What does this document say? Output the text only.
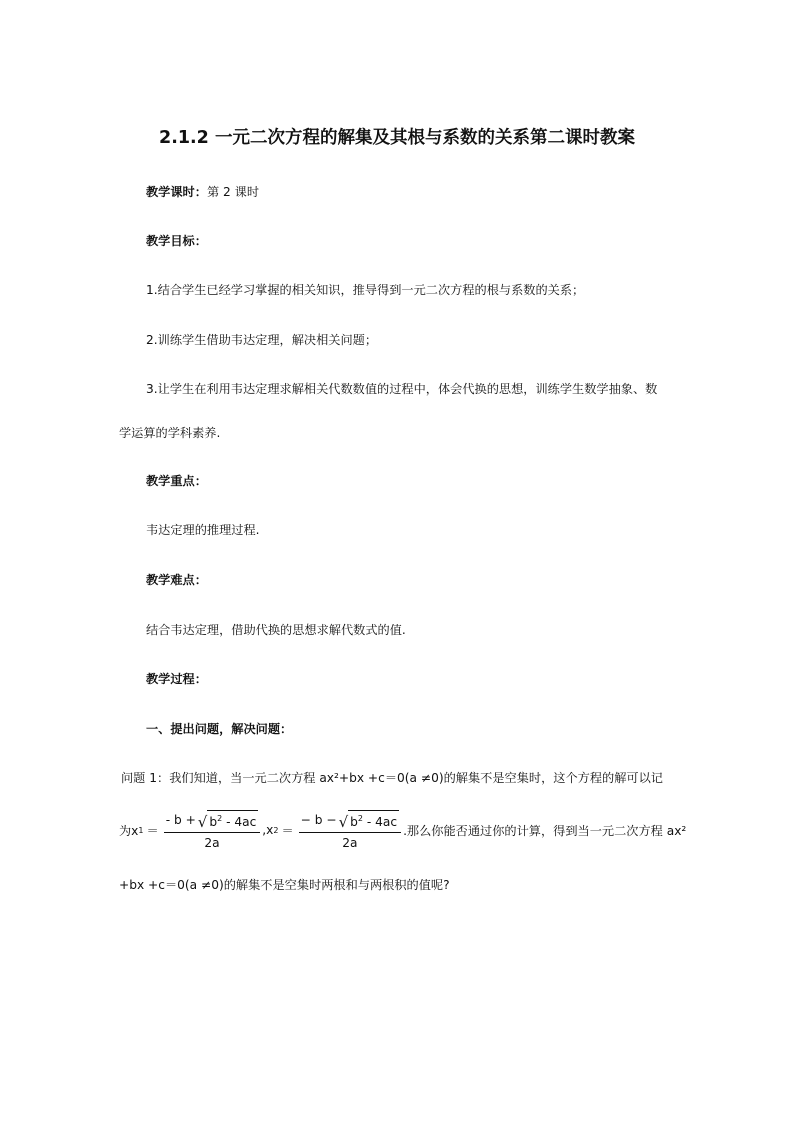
2.1.2 一元二次方程的解集及其根与系数的关系第二课时教案
教学课时：第 2 课时
教学目标：
1.结合学生已经学习掌握的相关知识，推导得到一元二次方程的根与系数的关系；
2.训练学生借助韦达定理，解决相关问题；
3.让学生在利用韦达定理求解相关代数数值的过程中，体会代换的思想，训练学生数学抽象、数
学运算的学科素养.
教学重点：
韦达定理的推理过程.
教学难点：
结合韦达定理，借助代换的思想求解代数式的值.
教学过程：
一、提出问题，解决问题：
问题 1：我们知道，当一元二次方程 ax²+bx +c＝0(a ≠0)的解集不是空集时，这个方程的解可以记
为x $1 = \frac{- b + √ b^2 - 4ac}{2a} ,x$ $2 = \frac{- b - √ b^2 - 4ac}{2a}$ .那么你能否通过你的计算，得到当一元二次方程 ax²
+bx +c＝0(a ≠0)的解集不是空集时两根和与两根积的值呢?
